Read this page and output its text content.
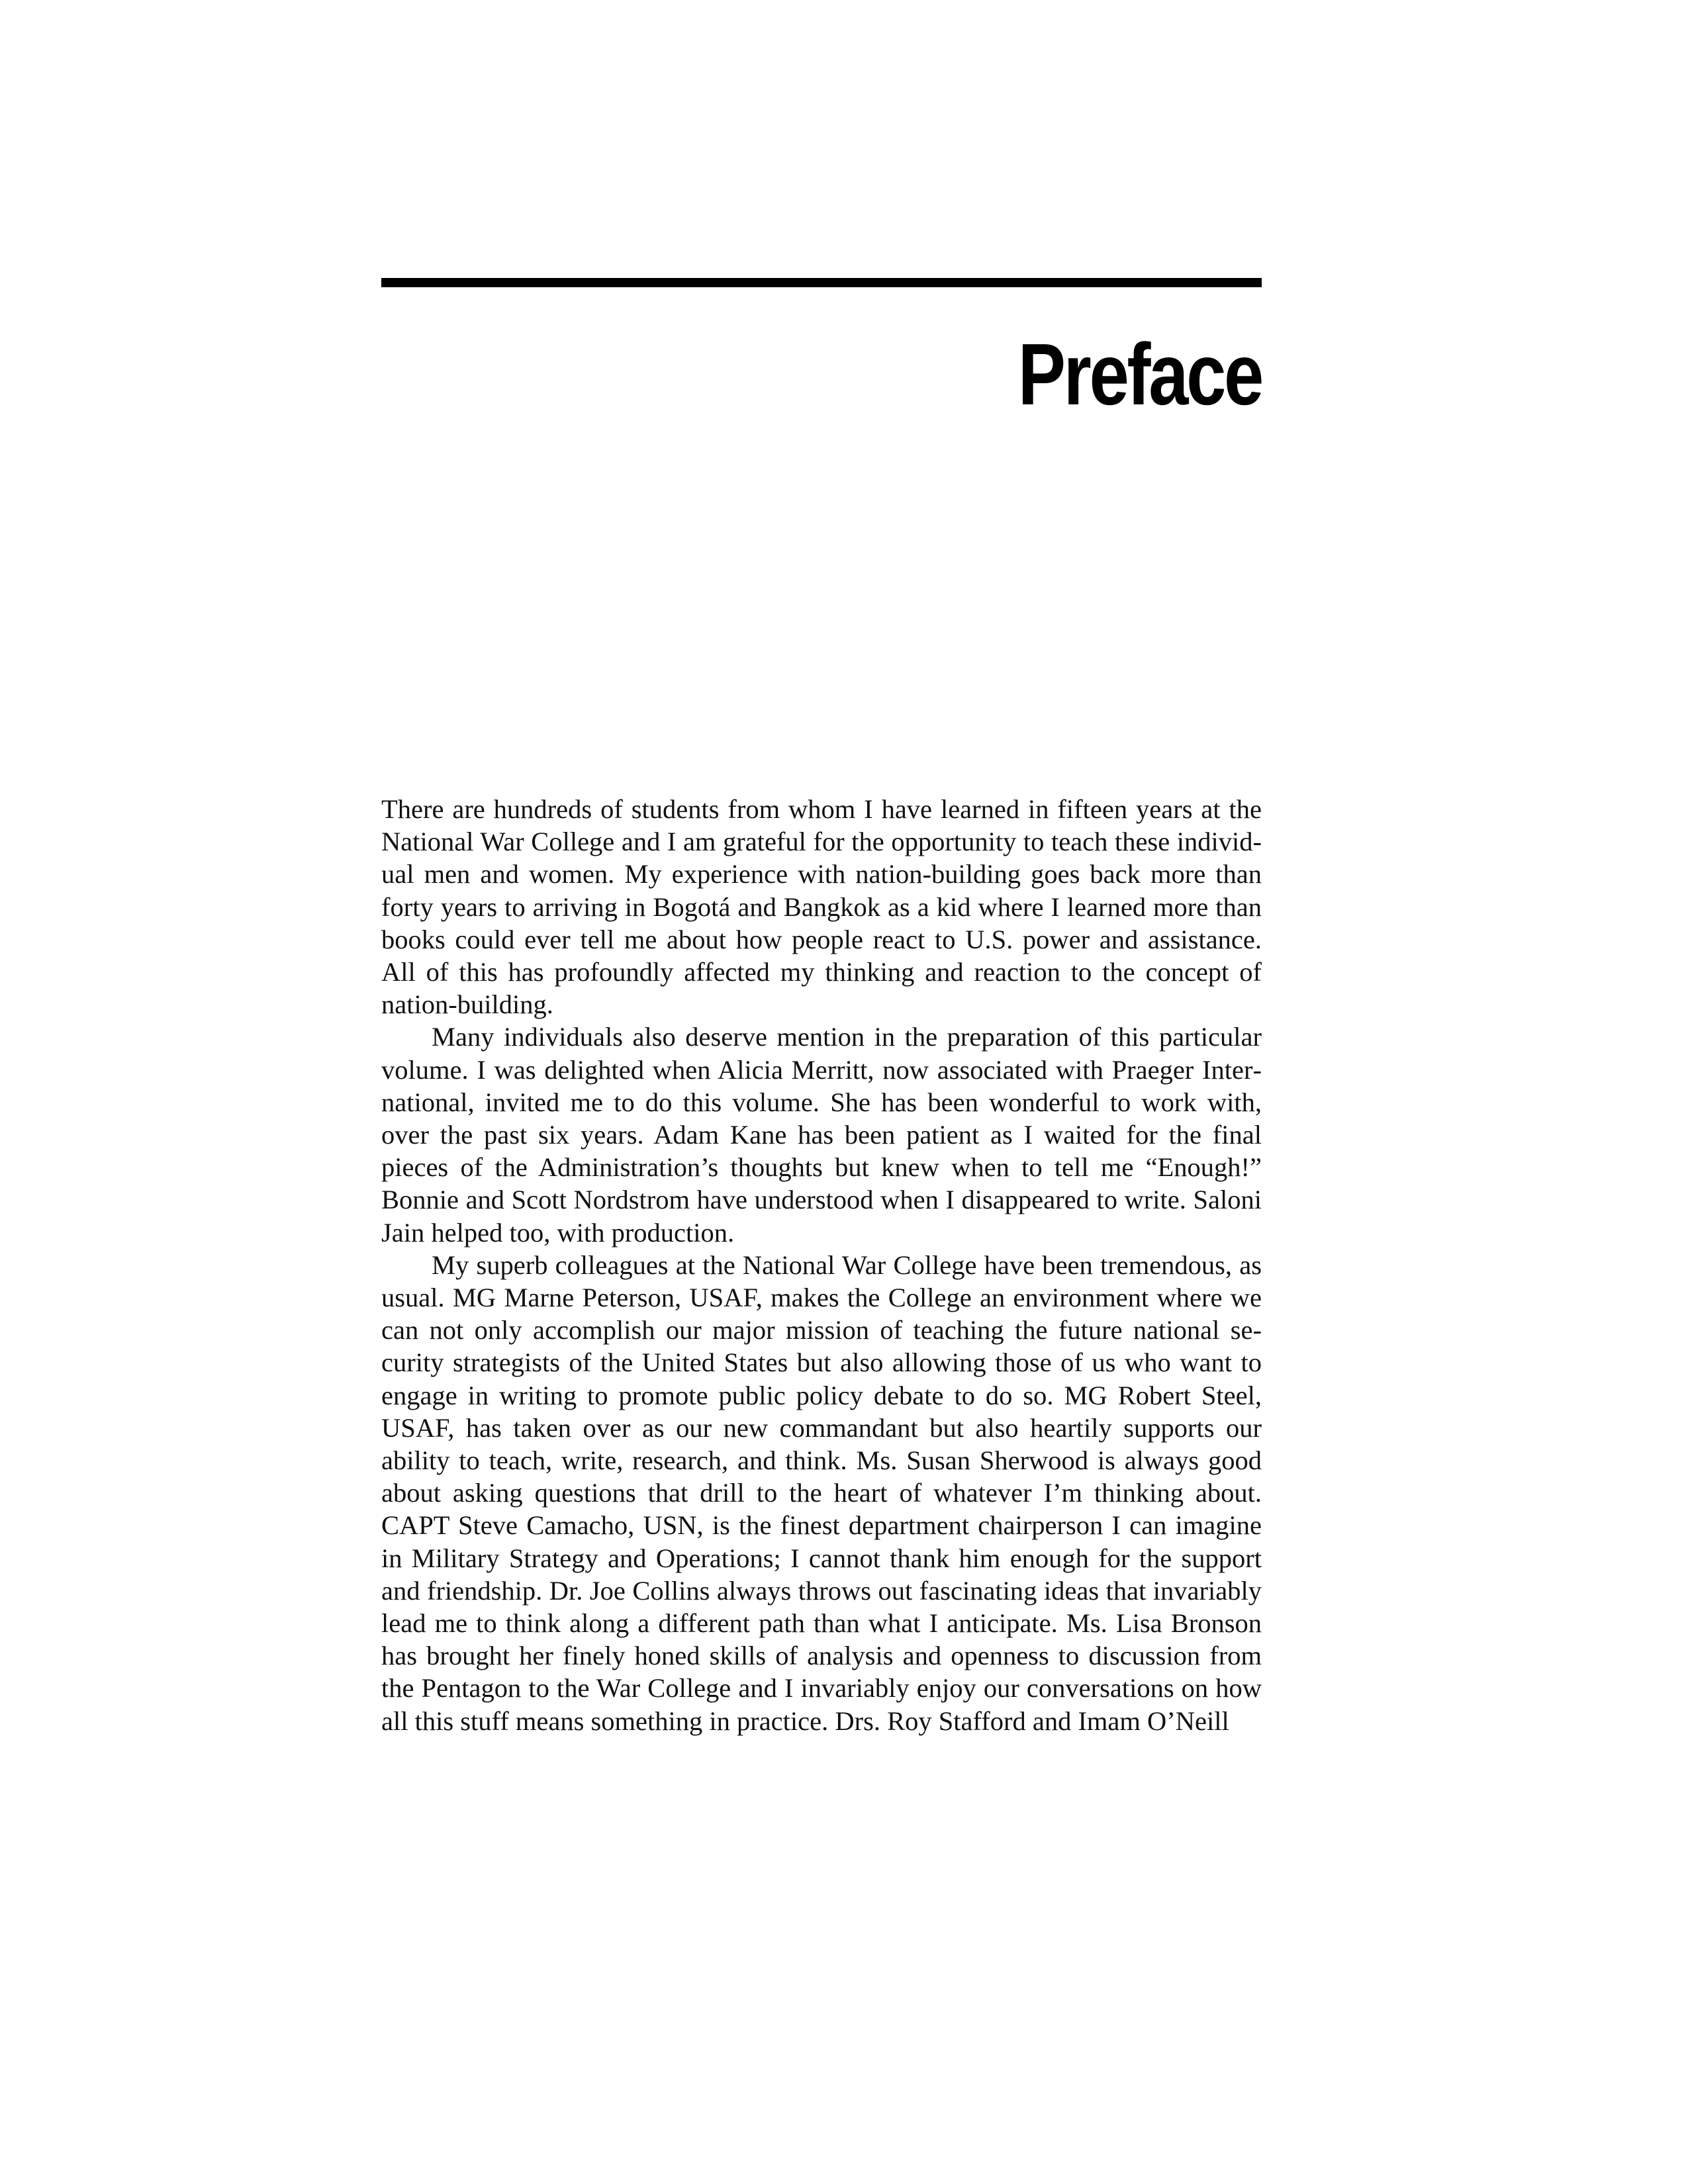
Preface

There are hundreds of students from whom I have learned in fifteen years at the National War College and I am grateful for the opportunity to teach these individual men and women. My experience with nation-building goes back more than forty years to arriving in Bogotá and Bangkok as a kid where I learned more than books could ever tell me about how people react to U.S. power and assistance. All of this has profoundly affected my thinking and reaction to the concept of nation-building.

Many individuals also deserve mention in the preparation of this particular volume. I was delighted when Alicia Merritt, now associated with Praeger International, invited me to do this volume. She has been wonderful to work with, over the past six years. Adam Kane has been patient as I waited for the final pieces of the Administration’s thoughts but knew when to tell me “Enough!” Bonnie and Scott Nordstrom have understood when I disappeared to write. Saloni Jain helped too, with production.

My superb colleagues at the National War College have been tremendous, as usual. MG Marne Peterson, USAF, makes the College an environment where we can not only accomplish our major mission of teaching the future national security strategists of the United States but also allowing those of us who want to engage in writing to promote public policy debate to do so. MG Robert Steel, USAF, has taken over as our new commandant but also heartily supports our ability to teach, write, research, and think. Ms. Susan Sherwood is always good about asking questions that drill to the heart of whatever I’m thinking about. CAPT Steve Camacho, USN, is the finest department chairperson I can imagine in Military Strategy and Operations; I cannot thank him enough for the support and friendship. Dr. Joe Collins always throws out fascinating ideas that invariably lead me to think along a different path than what I anticipate. Ms. Lisa Bronson has brought her finely honed skills of analysis and openness to discussion from the Pentagon to the War College and I invariably enjoy our conversations on how all this stuff means something in practice. Drs. Roy Stafford and Imam O’Neill
